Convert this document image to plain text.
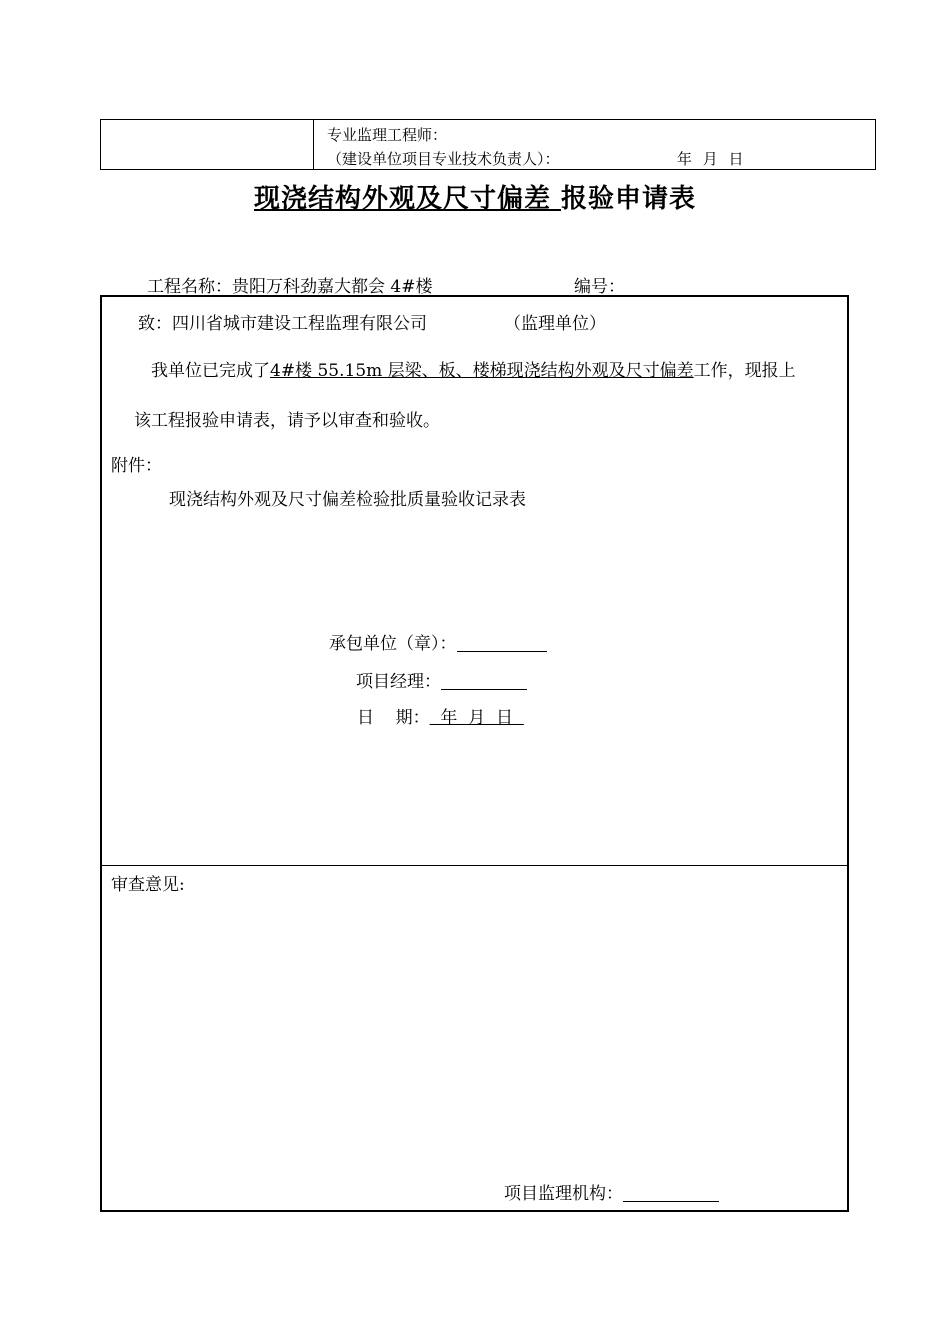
专业监理工程师：
（建设单位项目专业技术负责人）：	年 月 日
现浇结构外观及尺寸偏差 报验申请表
工程名称：贵阳万科劲嘉大都会 4#楼	编号：
致：四川省城市建设工程监理有限公司	（监理单位）
我单位已完成了4#楼 55.15m 层梁、板、楼梯现浇结构外观及尺寸偏差工作，现报上
该工程报验申请表，请予以审查和验收。
附件：
现浇结构外观及尺寸偏差检验批质量验收记录表
承包单位（章）：
项目经理：
日    期：  年  月  日
审查意见:
项目监理机构：
